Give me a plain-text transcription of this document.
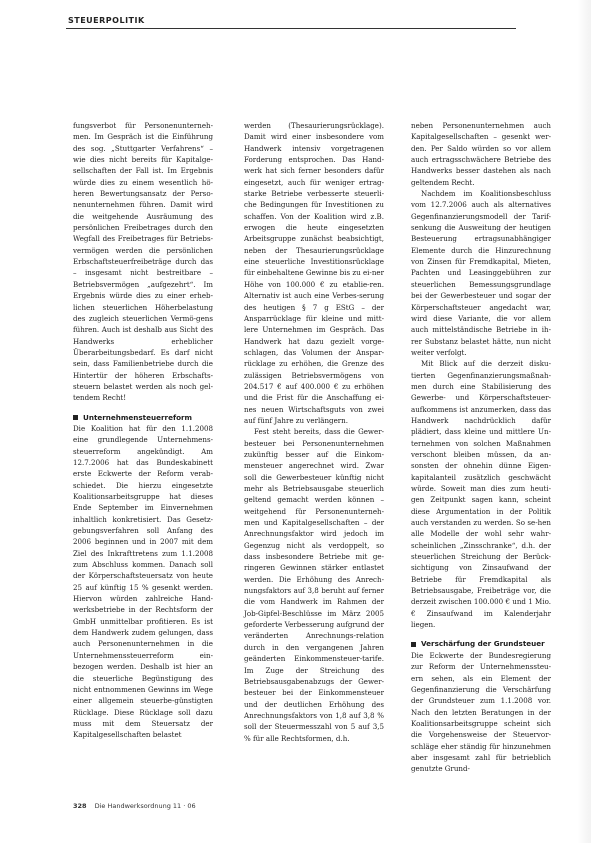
STEUERPOLITIK

fungsverbot für Personenunterneh-men. Im Gespräch ist die Einführung des sog. „Stuttgarter Verfahrens“ – wie dies nicht bereits für Kapitalge-sellschaften der Fall ist. Im Ergebnis würde dies zu einem wesentlich hö-heren Bewertungsansatz der Perso-nenunternehmen führen. Damit wird die weitgehende Ausräumung des persönlichen Freibetrages durch den Wegfall des Freibetrages für Betriebs-vermögen werden die persönlichen Erbschaftsteuerfreibeträge durch das – insgesamt nicht bestreitbare – Betriebsvermögen „aufgezehrt“. Im Ergebnis würde dies zu einer erheb-lichen steuerlichen Höherbelastung des zugleich steuerlichen Vermö-gens führen. Auch ist deshalb aus Sicht des Handwerks erheblicher Überarbeitungsbedarf. Es darf nicht sein, dass Familienbetriebe durch die Hintertür der höheren Erbschafts-steuern belastet werden als noch gel-tendem Recht!

Unternehmensteuerreform

Die Koalition hat für den 1.1.2008 eine grundlegende Unternehmens-steuerreform angekündigt. Am 12.7.2006 hat das Bundeskabinett erste Eckwerte der Reform verab-schiedet. Die hierzu eingesetzte Koalitionsarbeitsgruppe hat dieses Ende September im Einvernehmen inhaltlich konkretisiert. Das Gesetz-gebungsverfahren soll Anfang des 2006 beginnen und in 2007 mit dem Ziel des Inkrafttretens zum 1.1.2008 zum Abschluss kommen. Danach soll der Körperschaftsteuersatz von heute 25 auf künftig 15 % gesenkt werden. Hiervon würden zahlreiche Hand-werksbetriebe in der Rechtsform der GmbH unmittelbar profitieren. Es ist dem Handwerk zudem gelungen, dass auch Personenunternehmen in die Unternehmenssteuerreform ein-bezogen werden. Deshalb ist hier an die steuerliche Begünstigung des nicht entnommenen Gewinns im Wege einer allgemein steuerbe-günstigten Rücklage. Diese Rücklage soll dazu muss mit dem Steuersatz der Kapitalgesellschaften belastet

werden (Thesaurierungsrücklage). Damit wird einer insbesondere vom Handwerk intensiv vorgetragenen Forderung entsprochen. Das Hand-werk hat sich ferner besonders dafür eingesetzt, auch für weniger ertrag-starke Betriebe verbesserte steuerli-che Bedingungen für Investitionen zu schaffen. Von der Koalition wird z.B. erwogen die heute eingesetzten Arbeitsgruppe zunächst beabsichtigt, neben der Thesaurierungsrücklage eine steuerliche Investitionsrücklage für einbehaltene Gewinne bis zu ei-ner Höhe von 100.000 € zu etablie-ren. Alternativ ist auch eine Verbes-serung des heutigen § 7 g EStG – der Ansparrücklage für kleine und mitt-lere Unternehmen im Gespräch. Das Handwerk hat dazu gezielt vorge-schlagen, das Volumen der Anspar-rücklage zu erhöhen, die Grenze des zulässigen Betriebsvermögens von 204.517 € auf 400.000 € zu erhöhen und die Frist für die Anschaffung ei-nes neuen Wirtschaftsguts von zwei auf fünf Jahre zu verlängern.

Fest steht bereits, dass die Gewer-besteuer bei Personenunternehmen zukünftig besser auf die Einkom-mensteuer angerechnet wird. Zwar soll die Gewerbesteuer künftig nicht mehr als Betriebsausgabe steuerlich geltend gemacht werden können – weitgehend für Personenunterneh-men und Kapitalgesellschaften – der Anrechnungsfaktor wird jedoch im Gegenzug nicht als verdoppelt, so dass insbesondere Betriebe mit ge-ringeren Gewinnen stärker entlastet werden. Die Erhöhung des Anrech-nungsfaktors auf 3,8 beruht auf ferner die vom Handwerk im Rahmen der Job-Gipfel-Beschlüsse im März 2005 geforderte Verbesserung aufgrund der veränderten Anrechnungs-relation durch in den vergangenen Jahren geänderten Einkommensteuer-tarife. Im Zuge der Streichung des Betriebsausgabenabzugs der Gewer-besteuer bei der Einkommensteuer und der deutlichen Erhöhung des Anrechnungsfaktors von 1,8 auf 3,8 % soll der Steuermesszahl von 5 auf 3,5 % für alle Rechtsformen, d.h.

neben Personenunternehmen auch Kapitalgesellschaften – gesenkt wer-den. Per Saldo würden so vor allem auch ertragsschwächere Betriebe des Handwerks besser dastehen als nach geltendem Recht.

Nachdem im Koalitionsbeschluss vom 12.7.2006 auch als alternatives Gegenfinanzierungsmodell der Tarif-senkung die Ausweitung der heutigen Besteuerung ertragsunabhängiger Elemente durch die Hinzurechnung von Zinsen für Fremdkapital, Mieten, Pachten und Leasinggebühren zur steuerlichen Bemessungsgrundlage bei der Gewerbesteuer und sogar der Körperschaftsteuer angedacht war, wird diese Variante, die vor allem auch mittelständische Betriebe in ih-rer Substanz belastet hätte, nun nicht weiter verfolgt.

Mit Blick auf die derzeit disku-tierten Gegenfinanzierungsmaßnah-men durch eine Stabilisierung des Gewerbe- und Körperschaftsteuer-aufkommens ist anzumerken, dass das Handwerk nachdrücklich dafür plädiert, dass kleine und mittlere Un-ternehmen von solchen Maßnahmen verschont bleiben müssen, da an-sonsten der ohnehin dünne Eigen-kapitalanteil zusätzlich geschwächt würde. Soweit man dies zum heuti-gen Zeitpunkt sagen kann, scheint diese Argumentation in der Politik auch verstanden zu werden. So se-hen alle Modelle der wohl sehr wahr-scheinlichen „Zinsschranke“, d.h. der steuerlichen Streichung der Berück-sichtigung von Zinsaufwand der Betriebe für Fremdkapital als Betriebsausgabe, Freibeträge vor, die derzeit zwischen 100.000 € und 1 Mio. € Zinsaufwand im Kalenderjahr liegen.

Verschärfung der Grundsteuer

Die Eckwerte der Bundesregierung zur Reform der Unternehmenssteu-ern sehen, als ein Element der Gegenfinanzierung die Verschärfung der Grundsteuer zum 1.1.2008 vor. Nach den letzten Beratungen in der Koalitionsarbeitsgruppe scheint sich die Vorgehensweise der Steuervor-schläge eher ständig für hinzunehmen aber insgesamt zahl für betrieblich genutzte Grund-

328 Die Handwerksordnung 11 · 06
